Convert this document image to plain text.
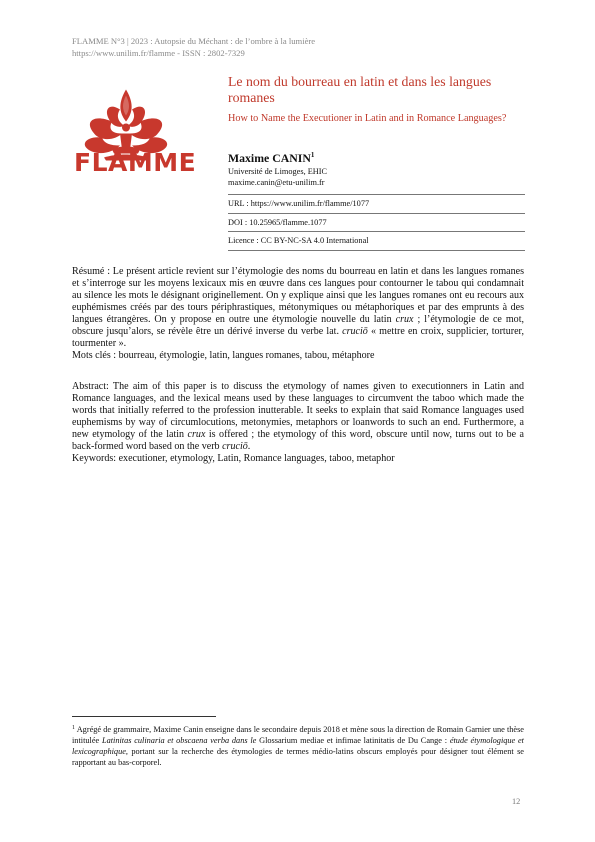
FLAMME N°3 | 2023 : Autopsie du Méchant : de l’ombre à la lumière
https://www.unilim.fr/flamme - ISSN : 2802-7329
FLAMME
Le nom du bourreau en latin et dans les langues romanes
How to Name the Executioner in Latin and in Romance Languages?
Maxime CANIN$^1$
Université de Limoges, EHIC
maxime.canin@etu-unilim.fr
URL : https://www.unilim.fr/flamme/1077
DOI : 10.25965/flamme.1077
Licence : CC BY-NC-SA 4.0 International

Résumé : Le présent article revient sur l’étymologie des noms du bourreau en latin et dans les langues romanes et s’interroge sur les moyens lexicaux mis en œuvre dans ces langues pour contourner le tabou qui condamnait au silence les mots le désignant originellement. On y explique ainsi que les langues romanes ont eu recours aux euphémismes créés par des tours périphrastiques, métonymiques ou métaphoriques et par des emprunts à des langues étrangères. On y propose en outre une étymologie nouvelle du latin crux ; l’étymologie de ce mot, obscure jusqu’alors, se révèle être un dérivé inverse du verbe lat. cruciō « mettre en croix, supplicier, torturer, tourmenter ».

Mots clés : bourreau, étymologie, latin, langues romanes, tabou, métaphore

Abstract: The aim of this paper is to discuss the etymology of names given to executionners in Latin and Romance languages, and the lexical means used by these languages to circumvent the taboo which made the words that initially referred to the profession inutterable. It seeks to explain that said Romance languages used euphemisms by way of circumlocutions, metonymies, metaphors or loanwords to such an end. Furthermore, a new etymology of the latin crux is offered ; the etymology of this word, obscure until now, turns out to be a back-formed word based on the verb cruciō.

Keywords: executioner, etymology, Latin, Romance languages, taboo, metaphor

$^1$ Agrégé de grammaire, Maxime Canin enseigne dans le secondaire depuis 2018 et mène sous la direction de Romain Garnier une thèse intitulée Latinitas culinaria et obscaena verba dans le Glossarium mediae et infimae latinitatis de Du Cange : étude étymologique et lexicographique, portant sur la recherche des étymologies de termes médio-latins obscurs employés pour désigner tout élément se rapportant au bas-corporel.
12
